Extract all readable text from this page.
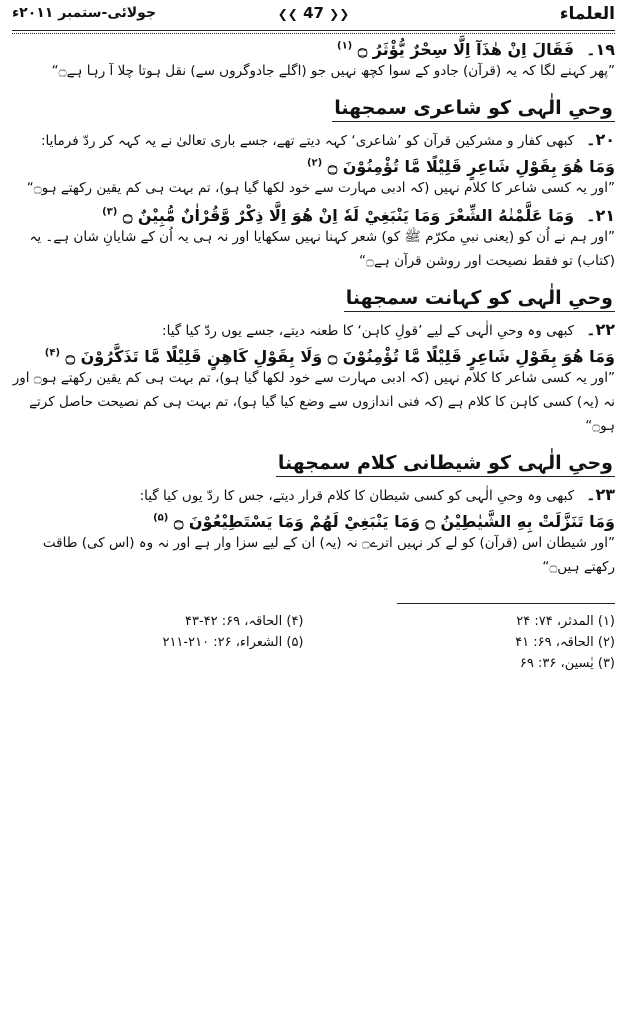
العلماء
❮❮ 47 ❯❯
جولائی-ستمبر ۲۰۱۱ء
۱۹۔
فَقَالَ اِنْ هٰذَآ اِلَّا سِحْرٌ يُّؤْثَرُ ۝ $^{(۱)}$
”پھر کہنے لگا کہ یہ (قرآن) جادو کے سوا کچھ نہیں جو (اگلے جادوگروں سے) نقل ہوتا چلا آ رہا ہے۝“
وحیِ الٰہی کو شاعری سمجھنا
۲۰۔
کبھی کفار و مشرکین قرآن کو ’شاعری‘ کہہ دیتے تھے، جسے باری تعالیٰ نے یہ کہہ کر ردّ فرمایا:
وَمَا هُوَ بِقَوْلِ شَاعِرٍ قَلِيْلًا مَّا تُؤْمِنُوْنَ ۝ $^{(۲)}$
”اور یہ کسی شاعر کا کلام نہیں (کہ ادبی مہارت سے خود لکھا گیا ہو)، تم بہت ہی کم یقین رکھتے ہو۝“
۲۱۔
وَمَا عَلَّمْنٰهُ الشِّعْرَ وَمَا يَنْبَغِيْ لَهٗ اِنْ هُوَ اِلَّا ذِكْرٌ وَّقُرْاٰنٌ مُّبِيْنٌ ۝ $^{(۳)}$
”اور ہم نے اُن کو (یعنی نبیِ مکرّم ﷺ کو) شعر کہنا نہیں سکھایا اور نہ ہی یہ اُن کے شایانِ شان ہے۔ یہ (کتاب) تو فقط نصیحت اور روشن قرآن ہے۝“
وحیِ الٰہی کو کہانت سمجھنا
۲۲۔
کبھی وہ وحیِ الٰہی کے لیے ’قولِ کاہن‘ کا طعنہ دیتے، جسے یوں ردّ کیا گیا:
وَمَا هُوَ بِقَوْلِ شَاعِرٍ قَلِيْلًا مَّا تُؤْمِنُوْنَ ۝ وَلَا بِقَوْلِ كَاهِنٍ قَلِيْلًا مَّا تَذَكَّرُوْنَ ۝ $^{(۴)}$
”اور یہ کسی شاعر کا کلام نہیں (کہ ادبی مہارت سے خود لکھا گیا ہو)، تم بہت ہی کم یقین رکھتے ہو۝ اور نہ (یہ) کسی کاہن کا کلام ہے (کہ فنی اندازوں سے وضع کیا گیا ہو)، تم بہت ہی کم نصیحت حاصل کرتے ہو۝“
وحیِ الٰہی کو شیطانی کلام سمجھنا
۲۳۔
کبھی وہ وحیِ الٰہی کو کسی شیطان کا کلام قرار دیتے، جس کا ردّ یوں کیا گیا:
وَمَا تَنَزَّلَتْ بِهِ الشَّيٰطِيْنُ ۝ وَمَا يَنْبَغِيْ لَهُمْ وَمَا يَسْتَطِيْعُوْنَ ۝ $^{(۵)}$
”اور شیطان اس (قرآن) کو لے کر نہیں اترے۝ نہ (یہ) ان کے لیے سزا وار ہے اور نہ وہ (اس کی) طاقت رکھتے ہیں۝“
(۱) المدثر، ۷۴: ۲۴
(۴) الحاقہ، ۶۹: ۴۲-۴۳
(۲) الحاقہ، ۶۹: ۴۱
(۵) الشعراء، ۲۶: ۲۱۰-۲۱۱
(۳) یٰسین، ۳۶: ۶۹
